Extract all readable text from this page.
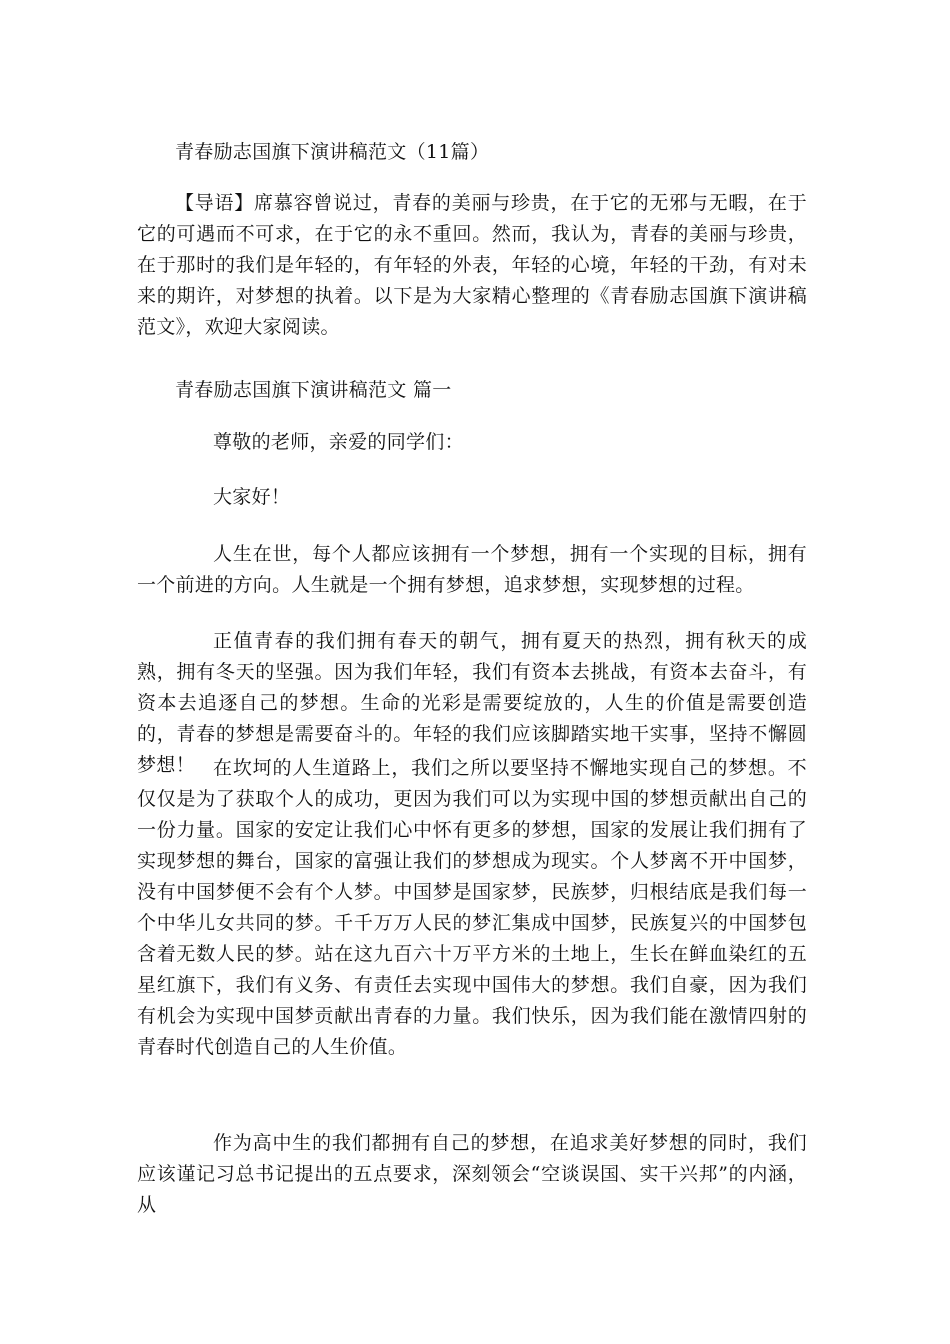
青春励志国旗下演讲稿范文（11篇）

【导语】席慕容曾说过，青春的美丽与珍贵，在于它的无邪与无暇，在于它的可遇而不可求，在于它的永不重回。然而，我认为，青春的美丽与珍贵，在于那时的我们是年轻的，有年轻的外表，年轻的心境，年轻的干劲，有对未来的期许，对梦想的执着。以下是为大家精心整理的《青春励志国旗下演讲稿范文》，欢迎大家阅读。

青春励志国旗下演讲稿范文 篇一

尊敬的老师，亲爱的同学们：

大家好！

人生在世，每个人都应该拥有一个梦想，拥有一个实现的目标，拥有一个前进的方向。人生就是一个拥有梦想，追求梦想，实现梦想的过程。

正值青春的我们拥有春天的朝气，拥有夏天的热烈，拥有秋天的成熟，拥有冬天的坚强。因为我们年轻，我们有资本去挑战，有资本去奋斗，有资本去追逐自己的梦想。生命的光彩是需要绽放的，人生的价值是需要创造的，青春的梦想是需要奋斗的。年轻的我们应该脚踏实地干实事，坚持不懈圆梦想！ 在坎坷的人生道路上，我们之所以要坚持不懈地实现自己的梦想。不仅仅是为了获取个人的成功，更因为我们可以为实现中国的梦想贡献出自己的一份力量。国家的安定让我们心中怀有更多的梦想，国家的发展让我们拥有了实现梦想的舞台，国家的富强让我们的梦想成为现实。个人梦离不开中国梦，没有中国梦便不会有个人梦。中国梦是国家梦，民族梦，归根结底是我们每一个中华儿女共同的梦。千千万万人民的梦汇集成中国梦，民族复兴的中国梦包含着无数人民的梦。站在这九百六十万平方米的土地上，生长在鲜血染红的五星红旗下，我们有义务、有责任去实现中国伟大的梦想。我们自豪，因为我们有机会为实现中国梦贡献出青春的力量。我们快乐，因为我们能在激情四射的青春时代创造自己的人生价值。

作为高中生的我们都拥有自己的梦想，在追求美好梦想的同时，我们应该谨记习总书记提出的五点要求，深刻领会“空谈误国、实干兴邦”的内涵，从
